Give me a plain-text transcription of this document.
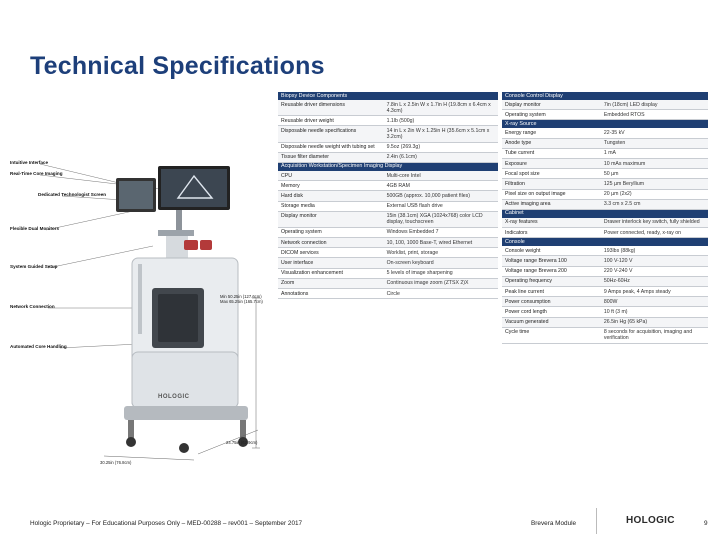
Technical Specifications
Intuitive Interface
Real-Time Core Imaging
Dedicated Technologist Screen
Flexible Dual Monitors
System Guided Setup
Network Connection
Automated Core Handling
HOLOGIC
Min 50.25in (127.6cm)
Max 65.25in (165.7cm)
24.75in (62.9cm)
30.25in (76.8cm)
Biopsy Device Components
Reusable driver dimensions	7.8in L x 2.5in W x 1.7in H (19.8cm x 6.4cm x 4.3cm)
Reusable driver weight	1.1lb (500g)
Disposable needle specifications	14 in L x 2in W x 1.25in H (35.6cm x 5.1cm x 3.2cm)
Disposable needle weight with tubing set	9.5oz (269.3g)
Tissue filter diameter	2.4in (6.1cm)
Acquisition Workstation/Specimen Imaging Display
CPU	Multi-core Intel
Memory	4GB RAM
Hard disk	500GB (approx. 10,000 patient files)
Storage media	External USB flash drive
Display monitor	15in (38.1cm) XGA (1024x768) color LCD display, touchscreen
Operating system	Windows Embedded 7
Network connection	10, 100, 1000 Base-T, wired Ethernet
DICOM services	Worklist, print, storage
User interface	On-screen keyboard
Visualization enhancement	5 levels of image sharpening
Zoom	Continuous image zoom (ZTSX 2)X
Annotations	Circle
Console Control Display
Display monitor	7in (18cm) LED display
Operating system	Embedded RTOS
X-ray Source
Energy range	22-35 kV
Anode type	Tungsten
Tube current	1 mA
Exposure	10 mAs maximum
Focal spot size	50 µm
Filtration	125 µm Beryllium
Pixel size on output image	20 µm (2x2)
Active imaging area	3.3 cm x 2.5 cm
Cabinet
X-ray features	Drawer interlock key switch, fully shielded
Indicators	Power connected, ready, x-ray on
Console
Console weight	193lbs (88kg)
Voltage range Brevera 100	100 V-120 V
Voltage range Brevera 200	220 V-240 V
Operating frequency	50Hz-60Hz
Peak line current	9 Amps peak, 4 Amps steady
Power consumption	800W
Power cord length	10 ft (3 m)
Vacuum generated	26.5in Hg (65 kPa)
Cycle time	8 seconds for acquisition, imaging and verification
Hologic Proprietary – For Educational Purposes Only – MED-00288 – rev001 – September 2017	Brevera Module	HOLOGIC	9
